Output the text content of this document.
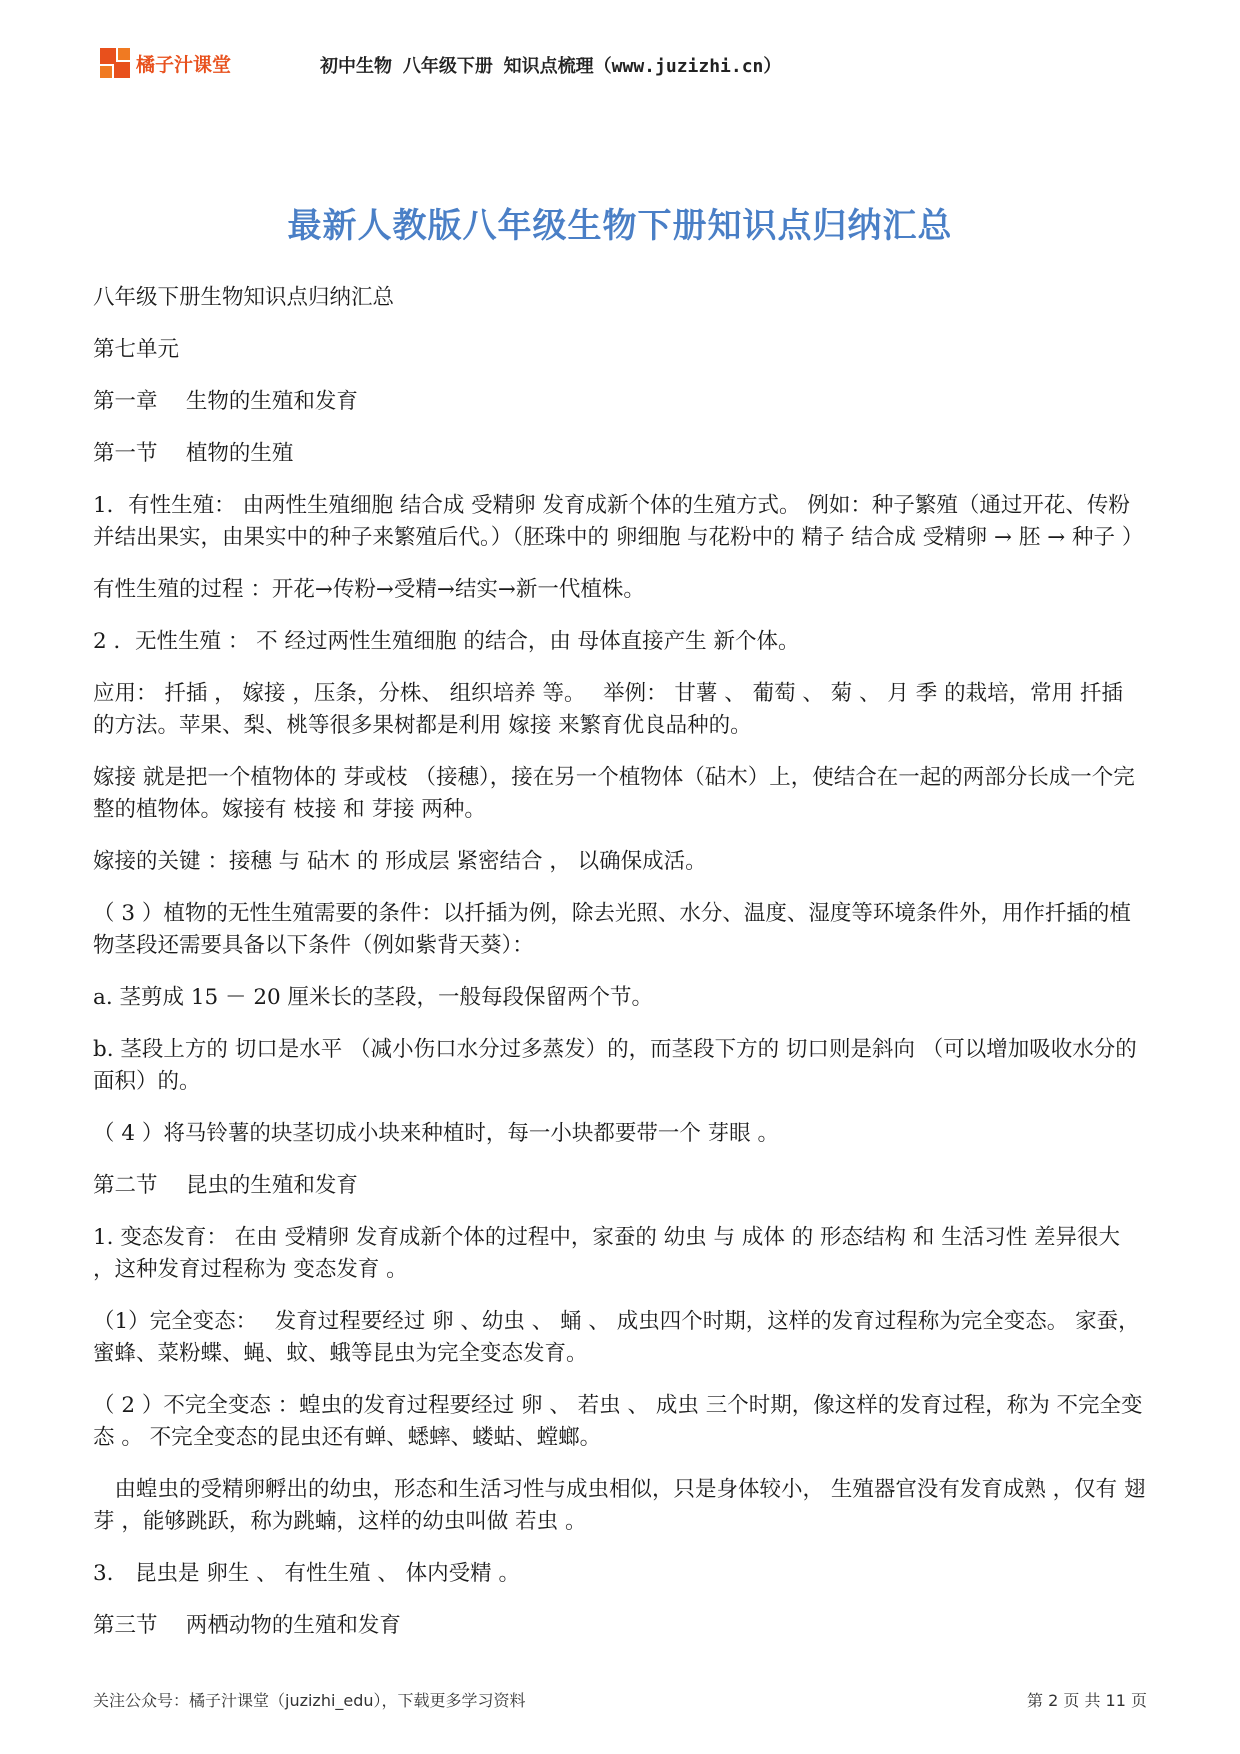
橘子汁课堂	初中生物 八年级下册 知识点梳理（www.juzizhi.cn）
最新人教版八年级生物下册知识点归纳汇总

八年级下册生物知识点归纳汇总

第七单元

第一章　 生物的生殖和发育

第一节　 植物的生殖

1．有性生殖： 由两性生殖细胞 结合成 受精卵 发育成新个体的生殖方式。 例如：种子繁殖（通过开花、传粉并结出果实，由果实中的种子来繁殖后代。）（胚珠中的 卵细胞 与花粉中的 精子 结合成 受精卵 → 胚 → 种子 ）

有性生殖的过程 ：开花→传粉→受精→结实→新一代植株。

2 ．无性生殖 ： 不 经过两性生殖细胞 的结合，由 母体直接产生 新个体。

应用： 扦插 ， 嫁接 ，压条，分株、 组织培养 等。　 举例： 甘薯 、 葡萄 、 菊 、 月 季 的栽培，常用 扦插 的方法。苹果、梨、桃等很多果树都是利用 嫁接 来繁育优良品种的。

嫁接 就是把一个植物体的 芽或枝 （接穗），接在另一个植物体（砧木）上，使结合在一起的两部分长成一个完整的植物体。嫁接有 枝接 和 芽接 两种。

嫁接的关键 ：接穗 与 砧木 的 形成层 紧密结合 ， 以确保成活。

（ 3 ）植物的无性生殖需要的条件：以扦插为例，除去光照、水分、温度、湿度等环境条件外，用作扦插的植物茎段还需要具备以下条件（例如紫背天葵）：

a. 茎剪成 15 － 20 厘米长的茎段，一般每段保留两个节。

b. 茎段上方的 切口是水平 （减小伤口水分过多蒸发）的，而茎段下方的 切口则是斜向 （可以增加吸收水分的面积）的。

（ 4 ）将马铃薯的块茎切成小块来种植时，每一小块都要带一个 芽眼 。

第二节　 昆虫的生殖和发育

1. 变态发育： 在由 受精卵 发育成新个体的过程中，家蚕的 幼虫 与 成体 的 形态结构 和 生活习性 差异很大 ，这种发育过程称为 变态发育 。

（1）完全变态：　 发育过程要经过 卵 、幼虫 、 蛹 、 成虫四个时期，这样的发育过程称为完全变态。 家蚕，蜜蜂、菜粉蝶、蝇、蚊、蛾等昆虫为完全变态发育。

（ 2 ）不完全变态 ：蝗虫的发育过程要经过 卵 、 若虫 、 成虫 三个时期，像这样的发育过程，称为 不完全变态 。 不完全变态的昆虫还有蝉、蟋蟀、蝼蛄、螳螂。

　由蝗虫的受精卵孵出的幼虫，形态和生活习性与成虫相似，只是身体较小， 生殖器官没有发育成熟 ，仅有 翅芽 ，能够跳跃，称为跳蝻，这样的幼虫叫做 若虫 。

3.　昆虫是 卵生 、 有性生殖 、 体内受精 。

第三节　 两栖动物的生殖和发育

关注公众号：橘子汁课堂（juzizhi_edu），下载更多学习资料	第 2 页 共 11 页
